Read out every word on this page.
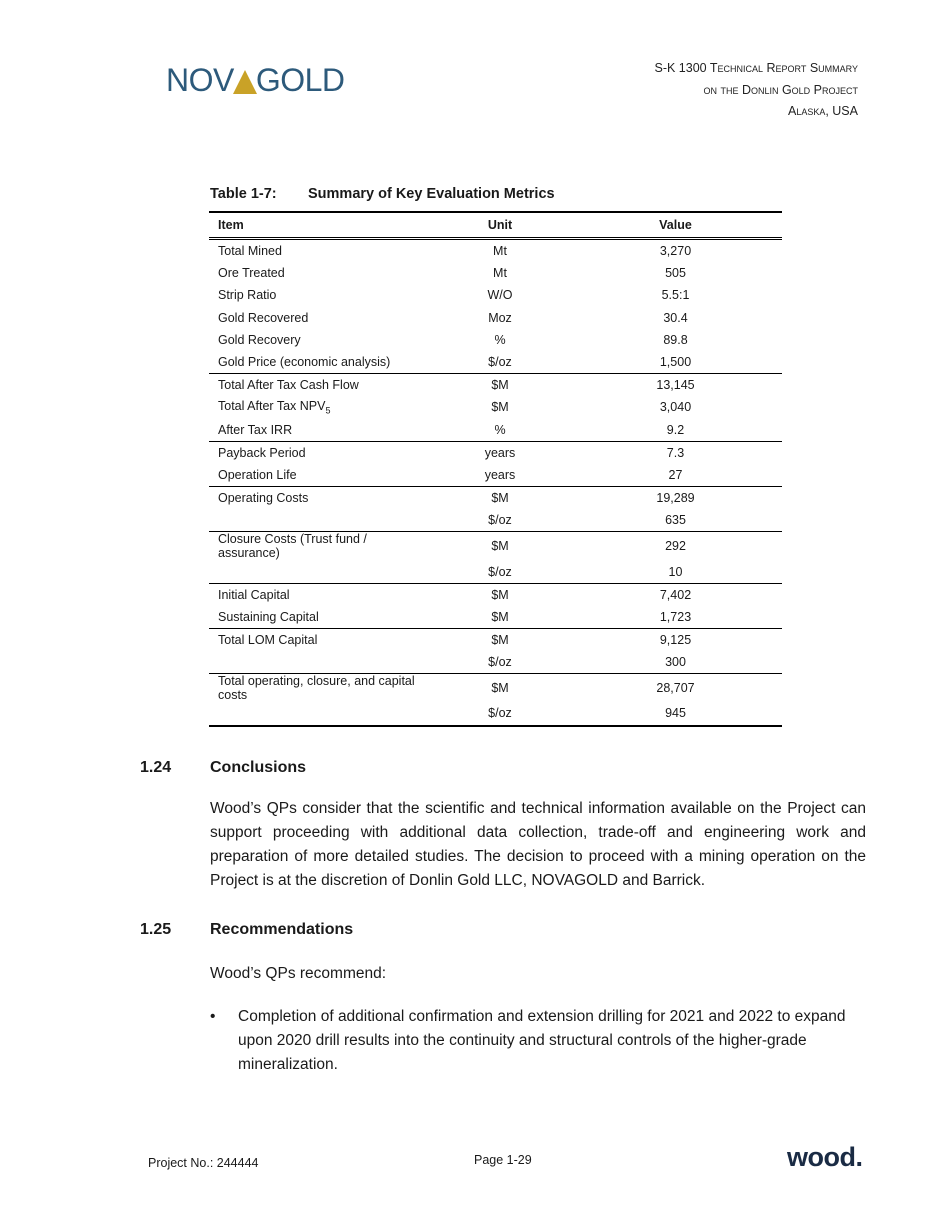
NOV GOLD	S-K 1300 Technical Report Summary
on the Donlin Gold Project
Alaska, USA
Table 1-7: Summary of Key Evaluation Metrics
Item	Unit	Value
Total Mined	Mt	3,270
Ore Treated	Mt	505
Strip Ratio	W/O	5.5:1
Gold Recovered	Moz	30.4
Gold Recovery	%	89.8
Gold Price (economic analysis)	$/oz	1,500
Total After Tax Cash Flow	$M	13,145
Total After Tax $NPV_5$	$M	3,040
After Tax IRR	%	9.2
Payback Period	years	7.3
Operation Life	years	27
Operating Costs	$M	19,289
	$/oz	635
Closure Costs (Trust fund / assurance)	$M	292
	$/oz	10
Initial Capital	$M	7,402
Sustaining Capital	$M	1,723
Total LOM Capital	$M	9,125
	$/oz	300
Total operating, closure, and capital costs	$M	28,707
	$/oz	945
1.24 Conclusions
Wood’s QPs consider that the scientific and technical information available on the Project can support proceeding with additional data collection, trade-off and engineering work and preparation of more detailed studies. The decision to proceed with a mining operation on the Project is at the discretion of Donlin Gold LLC, NOVAGOLD and Barrick.
1.25 Recommendations
Wood’s QPs recommend:
• Completion of additional confirmation and extension drilling for 2021 and 2022 to expand upon 2020 drill results into the continuity and structural controls of the higher-grade mineralization.
Project No.: 244444	Page 1-29	wood.
